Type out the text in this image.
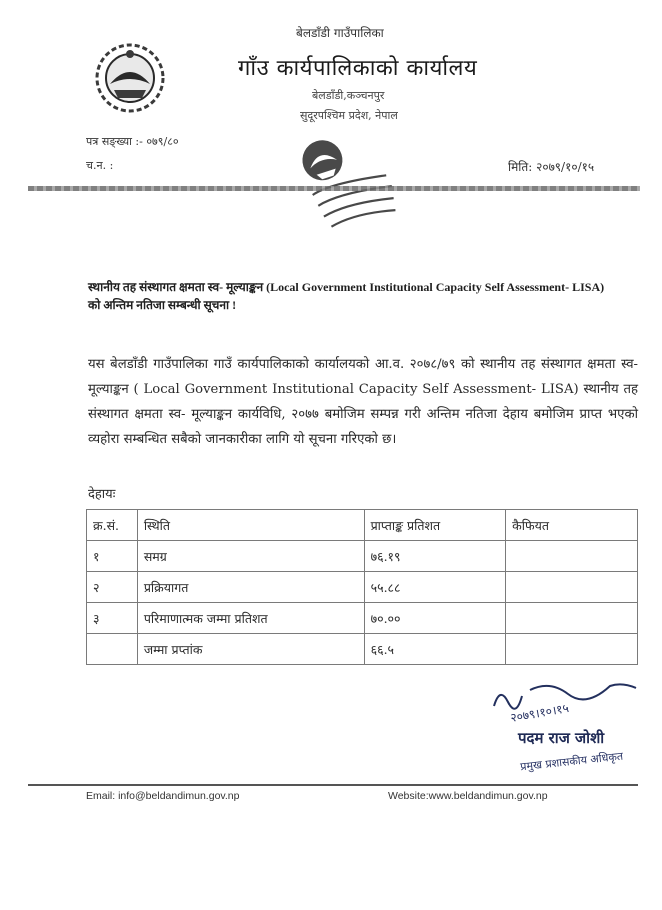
बेलडाँडी गाउँपालिका
गाँउ कार्यपालिकाको कार्यालय
बेलडाँडी,कञ्चनपुर
सुदूरपश्चिम प्रदेश, नेपाल
पत्र सङ्ख्या :- ०७९/८०
च.न. :	मिति: २०७९/१०/१५
स्थानीय तह संस्थागत क्षमता स्व- मूल्याङ्कन (Local Government Institutional Capacity Self Assessment- LISA) को अन्तिम नतिजा सम्बन्धी सूचना !
यस बेलडाँडी गाउँपालिका गाउँ कार्यपालिकाको कार्यालयको आ.व. २०७८/७९ को स्थानीय तह संस्थागत क्षमता स्व- मूल्याङ्कन ( Local Government Institutional Capacity Self Assessment- LISA) स्थानीय तह संस्थागत क्षमता स्व- मूल्याङ्कन कार्यविधि, २०७७ बमोजिम सम्पन्न गरी अन्तिम नतिजा देहाय बमोजिम प्राप्त भएको व्यहोरा सम्बन्धित सबैको जानकारीका लागि यो सूचना गरिएको छ।
देहायः
क्र.सं.	स्थिति	प्राप्ताङ्क प्रतिशत	कैफियत
१	समग्र	७६.१९	
२	प्रक्रियागत	५५.८८	
३	परिमाणात्मक जम्मा प्रतिशत	७०.००	
	जम्मा प्रप्तांक	६६.५	
२०७९।१०।१५
पदम राज जोशी
प्रमुख प्रशासकीय अधिकृत
Email: info@beldandimun.gov.np	Website:www.beldandimun.gov.np
